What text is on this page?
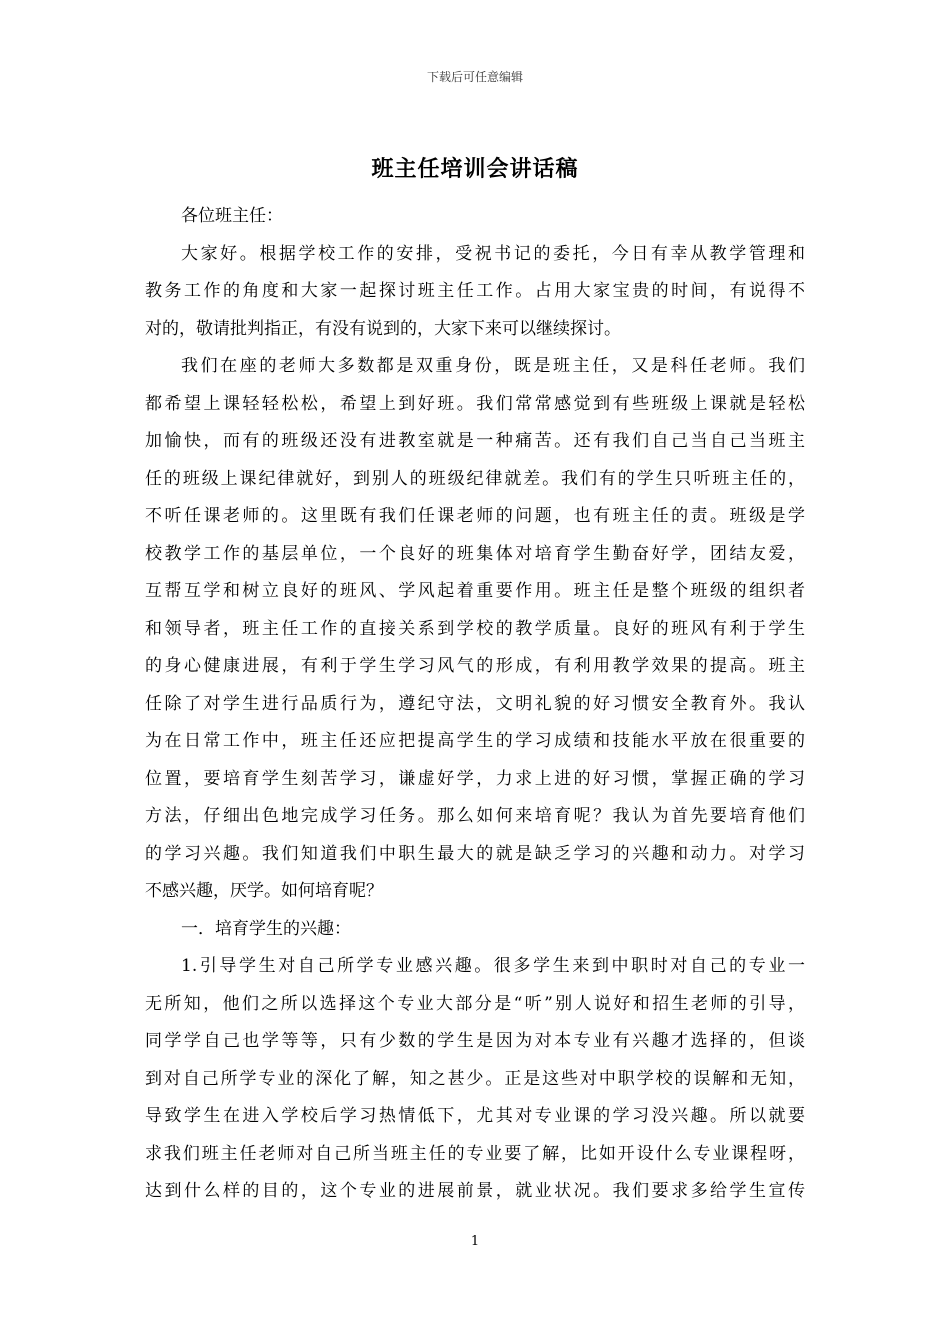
下载后可任意编辑
班主任培训会讲话稿
各位班主任：
大家好。根据学校工作的安排，受祝书记的委托，今日有幸从教学管理和
教务工作的角度和大家一起探讨班主任工作。占用大家宝贵的时间，有说得不
对的，敬请批判指正，有没有说到的，大家下来可以继续探讨。
我们在座的老师大多数都是双重身份，既是班主任，又是科任老师。我们
都希望上课轻轻松松，希望上到好班。我们常常感觉到有些班级上课就是轻松
加愉快，而有的班级还没有进教室就是一种痛苦。还有我们自己当自己当班主
任的班级上课纪律就好，到别人的班级纪律就差。我们有的学生只听班主任的，
不听任课老师的。这里既有我们任课老师的问题，也有班主任的责。班级是学
校教学工作的基层单位，一个良好的班集体对培育学生勤奋好学，团结友爱，
互帮互学和树立良好的班风、学风起着重要作用。班主任是整个班级的组织者
和领导者，班主任工作的直接关系到学校的教学质量。良好的班风有利于学生
的身心健康进展，有利于学生学习风气的形成，有利用教学效果的提高。班主
任除了对学生进行品质行为，遵纪守法，文明礼貌的好习惯安全教育外。我认
为在日常工作中，班主任还应把提高学生的学习成绩和技能水平放在很重要的
位置，要培育学生刻苦学习，谦虚好学，力求上进的好习惯，掌握正确的学习
方法，仔细出色地完成学习任务。那么如何来培育呢？我认为首先要培育他们
的学习兴趣。我们知道我们中职生最大的就是缺乏学习的兴趣和动力。对学习
不感兴趣，厌学。如何培育呢？
一．培育学生的兴趣：
1.引导学生对自己所学专业感兴趣。很多学生来到中职时对自己的专业一
无所知，他们之所以选择这个专业大部分是“听”别人说好和招生老师的引导，
同学学自己也学等等，只有少数的学生是因为对本专业有兴趣才选择的，但谈
到对自己所学专业的深化了解，知之甚少。正是这些对中职学校的误解和无知，
导致学生在进入学校后学习热情低下，尤其对专业课的学习没兴趣。所以就要
求我们班主任老师对自己所当班主任的专业要了解，比如开设什么专业课程呀，
达到什么样的目的，这个专业的进展前景，就业状况。我们要求多给学生宣传
1
